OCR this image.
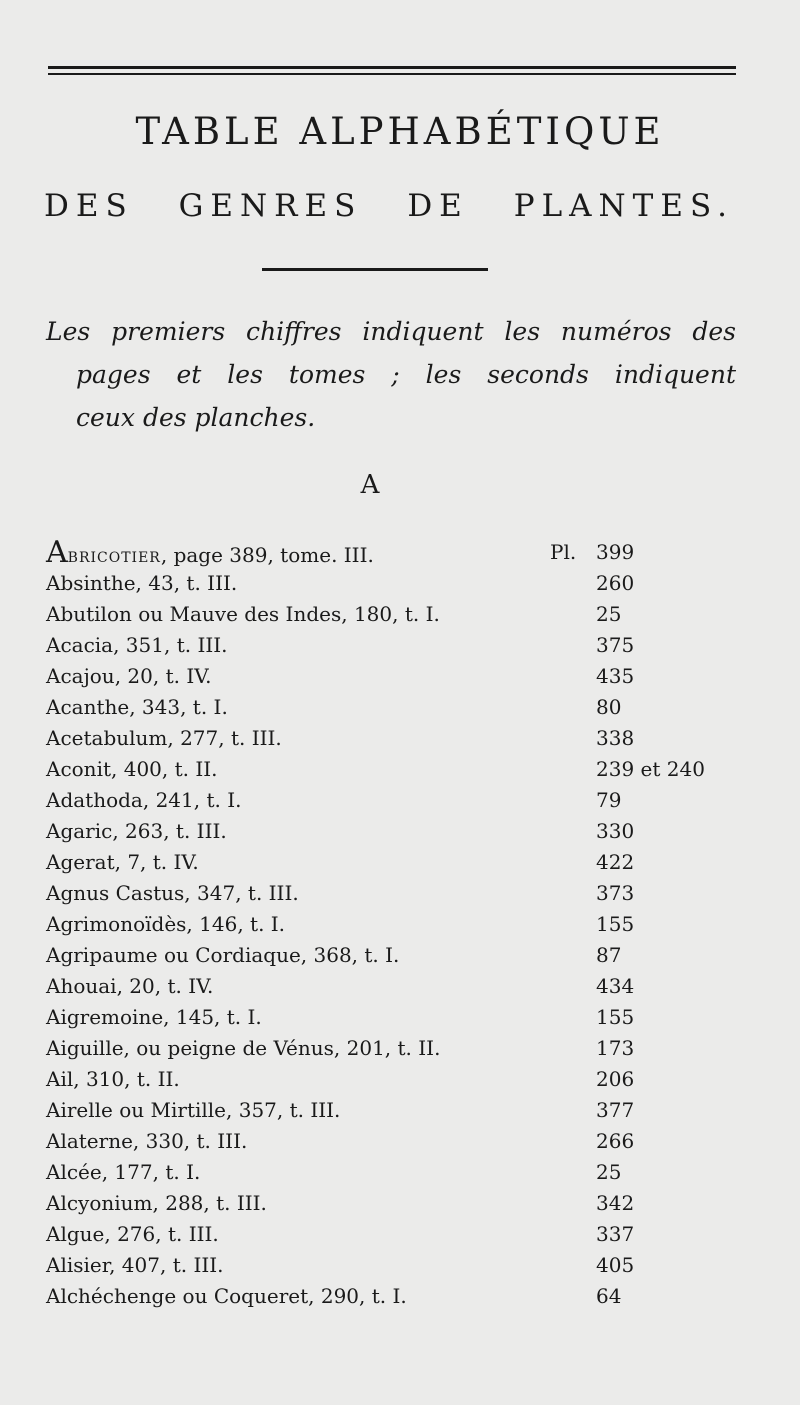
TABLE ALPHABÉTIQUE
DES GENRES DE PLANTES.
Les premiers chiffres indiquent les numéros des
pages et les tomes ; les seconds indiquent
ceux des planches.
A
ABRICOTIER, page 389, tome. III.	Pl. 399
Absinthe, 43, t. III.	260
Abutilon ou Mauve des Indes, 180, t. I.	25
Acacia, 351, t. III.	375
Acajou, 20, t. IV.	435
Acanthe, 343, t. I.	80
Acetabulum, 277, t. III.	338
Aconit, 400, t. II.	239 et 240
Adathoda, 241, t. I.	79
Agaric, 263, t. III.	330
Agerat, 7, t. IV.	422
Agnus Castus, 347, t. III.	373
Agrimonoïdès, 146, t. I.	155
Agripaume ou Cordiaque, 368, t. I.	87
Ahouai, 20, t. IV.	434
Aigremoine, 145, t. I.	155
Aiguille, ou peigne de Vénus, 201, t. II.	173
Ail, 310, t. II.	206
Airelle ou Mirtille, 357, t. III.	377
Alaterne, 330, t. III.	266
Alcée, 177, t. I.	25
Alcyonium, 288, t. III.	342
Algue, 276, t. III.	337
Alisier, 407, t. III.	405
Alchéchenge ou Coqueret, 290, t. I.	64
